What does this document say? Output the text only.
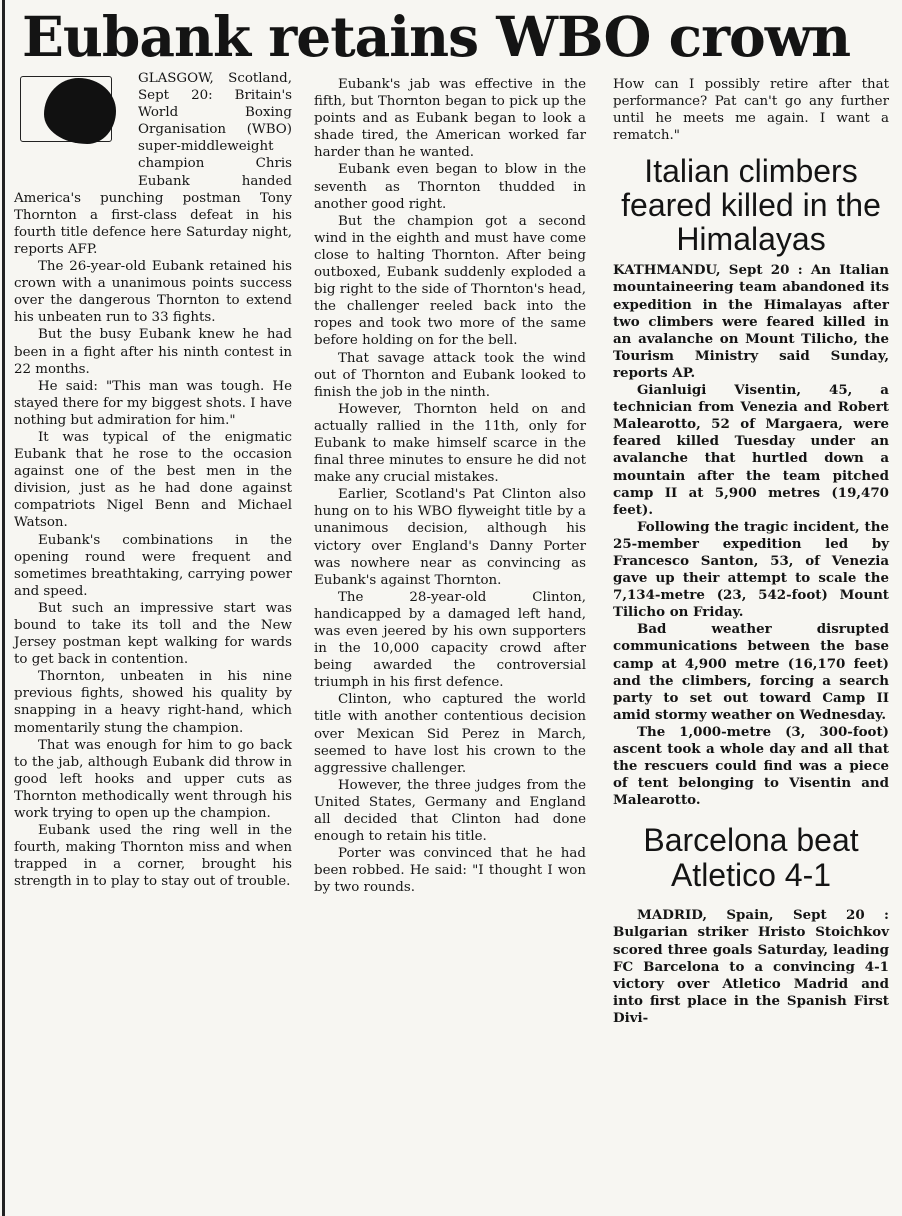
Eubank retains WBO crown

GLASGOW, Scotland, Sept 20: Britain's World Boxing Organisation (WBO) super-middleweight champion Chris Eubank handed America's punching postman Tony Thornton a first-class defeat in his fourth title defence here Saturday night, reports AFP.

The 26-year-old Eubank retained his crown with a unanimous points success over the dangerous Thornton to extend his unbeaten run to 33 fights.

But the busy Eubank knew he had been in a fight after his ninth contest in 22 months.

He said: "This man was tough. He stayed there for my biggest shots. I have nothing but admiration for him."

It was typical of the enigmatic Eubank that he rose to the occasion against one of the best men in the division, just as he had done against compatriots Nigel Benn and Michael Watson.

Eubank's combinations in the opening round were frequent and sometimes breathtaking, carrying power and speed.

But such an impressive start was bound to take its toll and the New Jersey postman kept walking for wards to get back in contention.

Thornton, unbeaten in his nine previous fights, showed his quality by snapping in a heavy right-hand, which momentarily stung the champion.

That was enough for him to go back to the jab, although Eubank did throw in good left hooks and upper cuts as Thornton methodically went through his work trying to open up the champion.

Eubank used the ring well in the fourth, making Thornton miss and when trapped in a corner, brought his strength in to play to stay out of trouble.

Eubank's jab was effective in the fifth, but Thornton began to pick up the points and as Eubank began to look a shade tired, the American worked far harder than he wanted.

Eubank even began to blow in the seventh as Thornton thudded in another good right.

But the champion got a second wind in the eighth and must have come close to halting Thornton. After being outboxed, Eubank suddenly exploded a big right to the side of Thornton's head, the challenger reeled back into the ropes and took two more of the same before holding on for the bell.

That savage attack took the wind out of Thornton and Eubank looked to finish the job in the ninth.

However, Thornton held on and actually rallied in the 11th, only for Eubank to make himself scarce in the final three minutes to ensure he did not make any crucial mistakes.

Earlier, Scotland's Pat Clinton also hung on to his WBO flyweight title by a unanimous decision, although his victory over England's Danny Porter was nowhere near as convincing as Eubank's against Thornton.

The 28-year-old Clinton, handicapped by a damaged left hand, was even jeered by his own supporters in the 10,000 capacity crowd after being awarded the controversial triumph in his first defence.

Clinton, who captured the world title with another contentious decision over Mexican Sid Perez in March, seemed to have lost his crown to the aggressive challenger.

However, the three judges from the United States, Germany and England all decided that Clinton had done enough to retain his title.

Porter was convinced that he had been robbed. He said: "I thought I won by two rounds.

How can I possibly retire after that performance? Pat can't go any further until he meets me again. I want a rematch."

Italian climbers feared killed in the Himalayas

KATHMANDU, Sept 20 : An Italian mountaineering team abandoned its expedition in the Himalayas after two climbers were feared killed in an avalanche on Mount Tilicho, the Tourism Ministry said Sunday, reports AP.

Gianluigi Visentin, 45, a technician from Venezia and Robert Malearotto, 52 of Margaera, were feared killed Tuesday under an avalanche that hurtled down a mountain after the team pitched camp II at 5,900 metres (19,470 feet).

Following the tragic incident, the 25-member expedition led by Francesco Santon, 53, of Venezia gave up their attempt to scale the 7,134-metre (23, 542-foot) Mount Tilicho on Friday.

Bad weather disrupted communications between the base camp at 4,900 metre (16,170 feet) and the climbers, forcing a search party to set out toward Camp II amid stormy weather on Wednesday.

The 1,000-metre (3, 300-foot) ascent took a whole day and all that the rescuers could find was a piece of tent belonging to Visentin and Malearotto.

Barcelona beat Atletico 4-1

MADRID, Spain, Sept 20 : Bulgarian striker Hristo Stoichkov scored three goals Saturday, leading FC Barcelona to a convincing 4-1 victory over Atletico Madrid and into first place in the Spanish First Divi-
